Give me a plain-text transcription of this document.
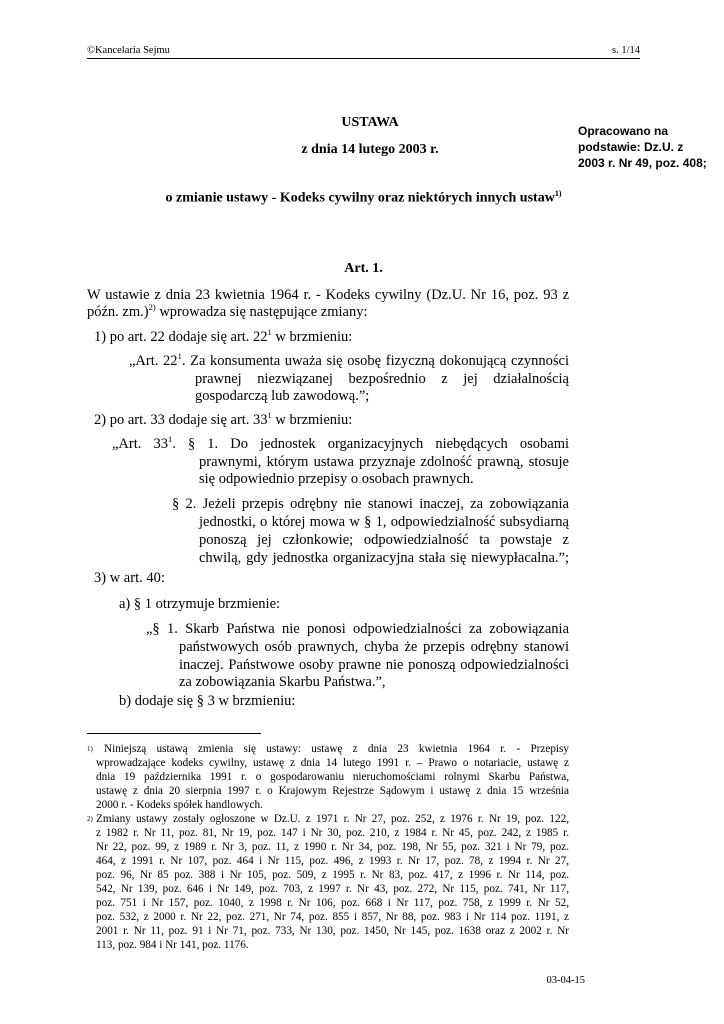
©Kancelaria Sejmu	s. 1/14
USTAWA
z dnia 14 lutego 2003 r.
o zmianie ustawy - Kodeks cywilny oraz niektórych innych ustaw$^{1)}$
Opracowano na podstawie: Dz.U. z 2003 r. Nr 49, poz. 408;
Art. 1.
W ustawie z dnia 23 kwietnia 1964 r. - Kodeks cywilny (Dz.U. Nr 16, poz. 93 z
późn. zm.)$^{2)}$ wprowadza się następujące zmiany:
1) po art. 22 dodaje się art. $22^1$ w brzmieniu:
„Art. $22^1$. Za konsumenta uważa się osobę fizyczną dokonującą czynności
prawnej niezwiązanej bezpośrednio z jej działalnością
gospodarczą lub zawodową.”;
2) po art. 33 dodaje się art. $33^1$ w brzmieniu:
„Art. $33^1$. § 1. Do jednostek organizacyjnych niebędących osobami
prawnymi, którym ustawa przyznaje zdolność prawną, stosuje
się odpowiednio przepisy o osobach prawnych.
§ 2. Jeżeli przepis odrębny nie stanowi inaczej, za zobowiązania
jednostki, o której mowa w § 1, odpowiedzialność subsydiarną
ponoszą jej członkowie; odpowiedzialność ta powstaje z
chwilą, gdy jednostka organizacyjna stała się niewypłacalna.”;
3) w art. 40:
a) § 1 otrzymuje brzmienie:
„§ 1. Skarb Państwa nie ponosi odpowiedzialności za zobowiązania
państwowych osób prawnych, chyba że przepis odrębny stanowi
inaczej. Państwowe osoby prawne nie ponoszą odpowiedzialności
za zobowiązania Skarbu Państwa.”,
b) dodaje się § 3 w brzmieniu:
$^{1)}$ Niniejszą ustawą zmienia się ustawy: ustawę z dnia 23 kwietnia 1964 r. - Przepisy
wprowadzające kodeks cywilny, ustawę z dnia 14 lutego 1991 r. – Prawo o notariacie, ustawę z
dnia 19 października 1991 r. o gospodarowaniu nieruchomościami rolnymi Skarbu Państwa,
ustawę z dnia 20 sierpnia 1997 r. o Krajowym Rejestrze Sądowym i ustawę z dnia 15 września
2000 r. - Kodeks spółek handlowych.
$^{2)}$ Zmiany ustawy zostały ogłoszone w Dz.U. z 1971 r. Nr 27, poz. 252, z 1976 r. Nr 19, poz. 122,
z 1982 r. Nr 11, poz. 81, Nr 19, poz. 147 i Nr 30, poz. 210, z 1984 r. Nr 45, poz. 242, z 1985 r.
Nr 22, poz. 99, z 1989 r. Nr 3, poz. 11, z 1990 r. Nr 34, poz. 198, Nr 55, poz. 321 i Nr 79, poz.
464, z 1991 r. Nr 107, poz. 464 i Nr 115, poz. 496, z 1993 r. Nr 17, poz. 78, z 1994 r. Nr 27,
poz. 96, Nr 85 poz. 388 i Nr 105, poz. 509, z 1995 r. Nr 83, poz. 417, z 1996 r. Nr 114, poz.
542, Nr 139, poz. 646 i Nr 149, poz. 703, z 1997 r. Nr 43, poz. 272, Nr 115, poz. 741, Nr 117,
poz. 751 i Nr 157, poz. 1040, z 1998 r. Nr 106, poz. 668 i Nr 117, poz. 758, z 1999 r. Nr 52,
poz. 532, z 2000 r. Nr 22, poz. 271, Nr 74, poz. 855 i 857, Nr 88, poz. 983 i Nr 114 poz. 1191, z
2001 r. Nr 11, poz. 91 i Nr 71, poz. 733, Nr 130, poz. 1450, Nr 145, poz. 1638 oraz z 2002 r. Nr
113, poz. 984 i Nr 141, poz. 1176.
03-04-15
